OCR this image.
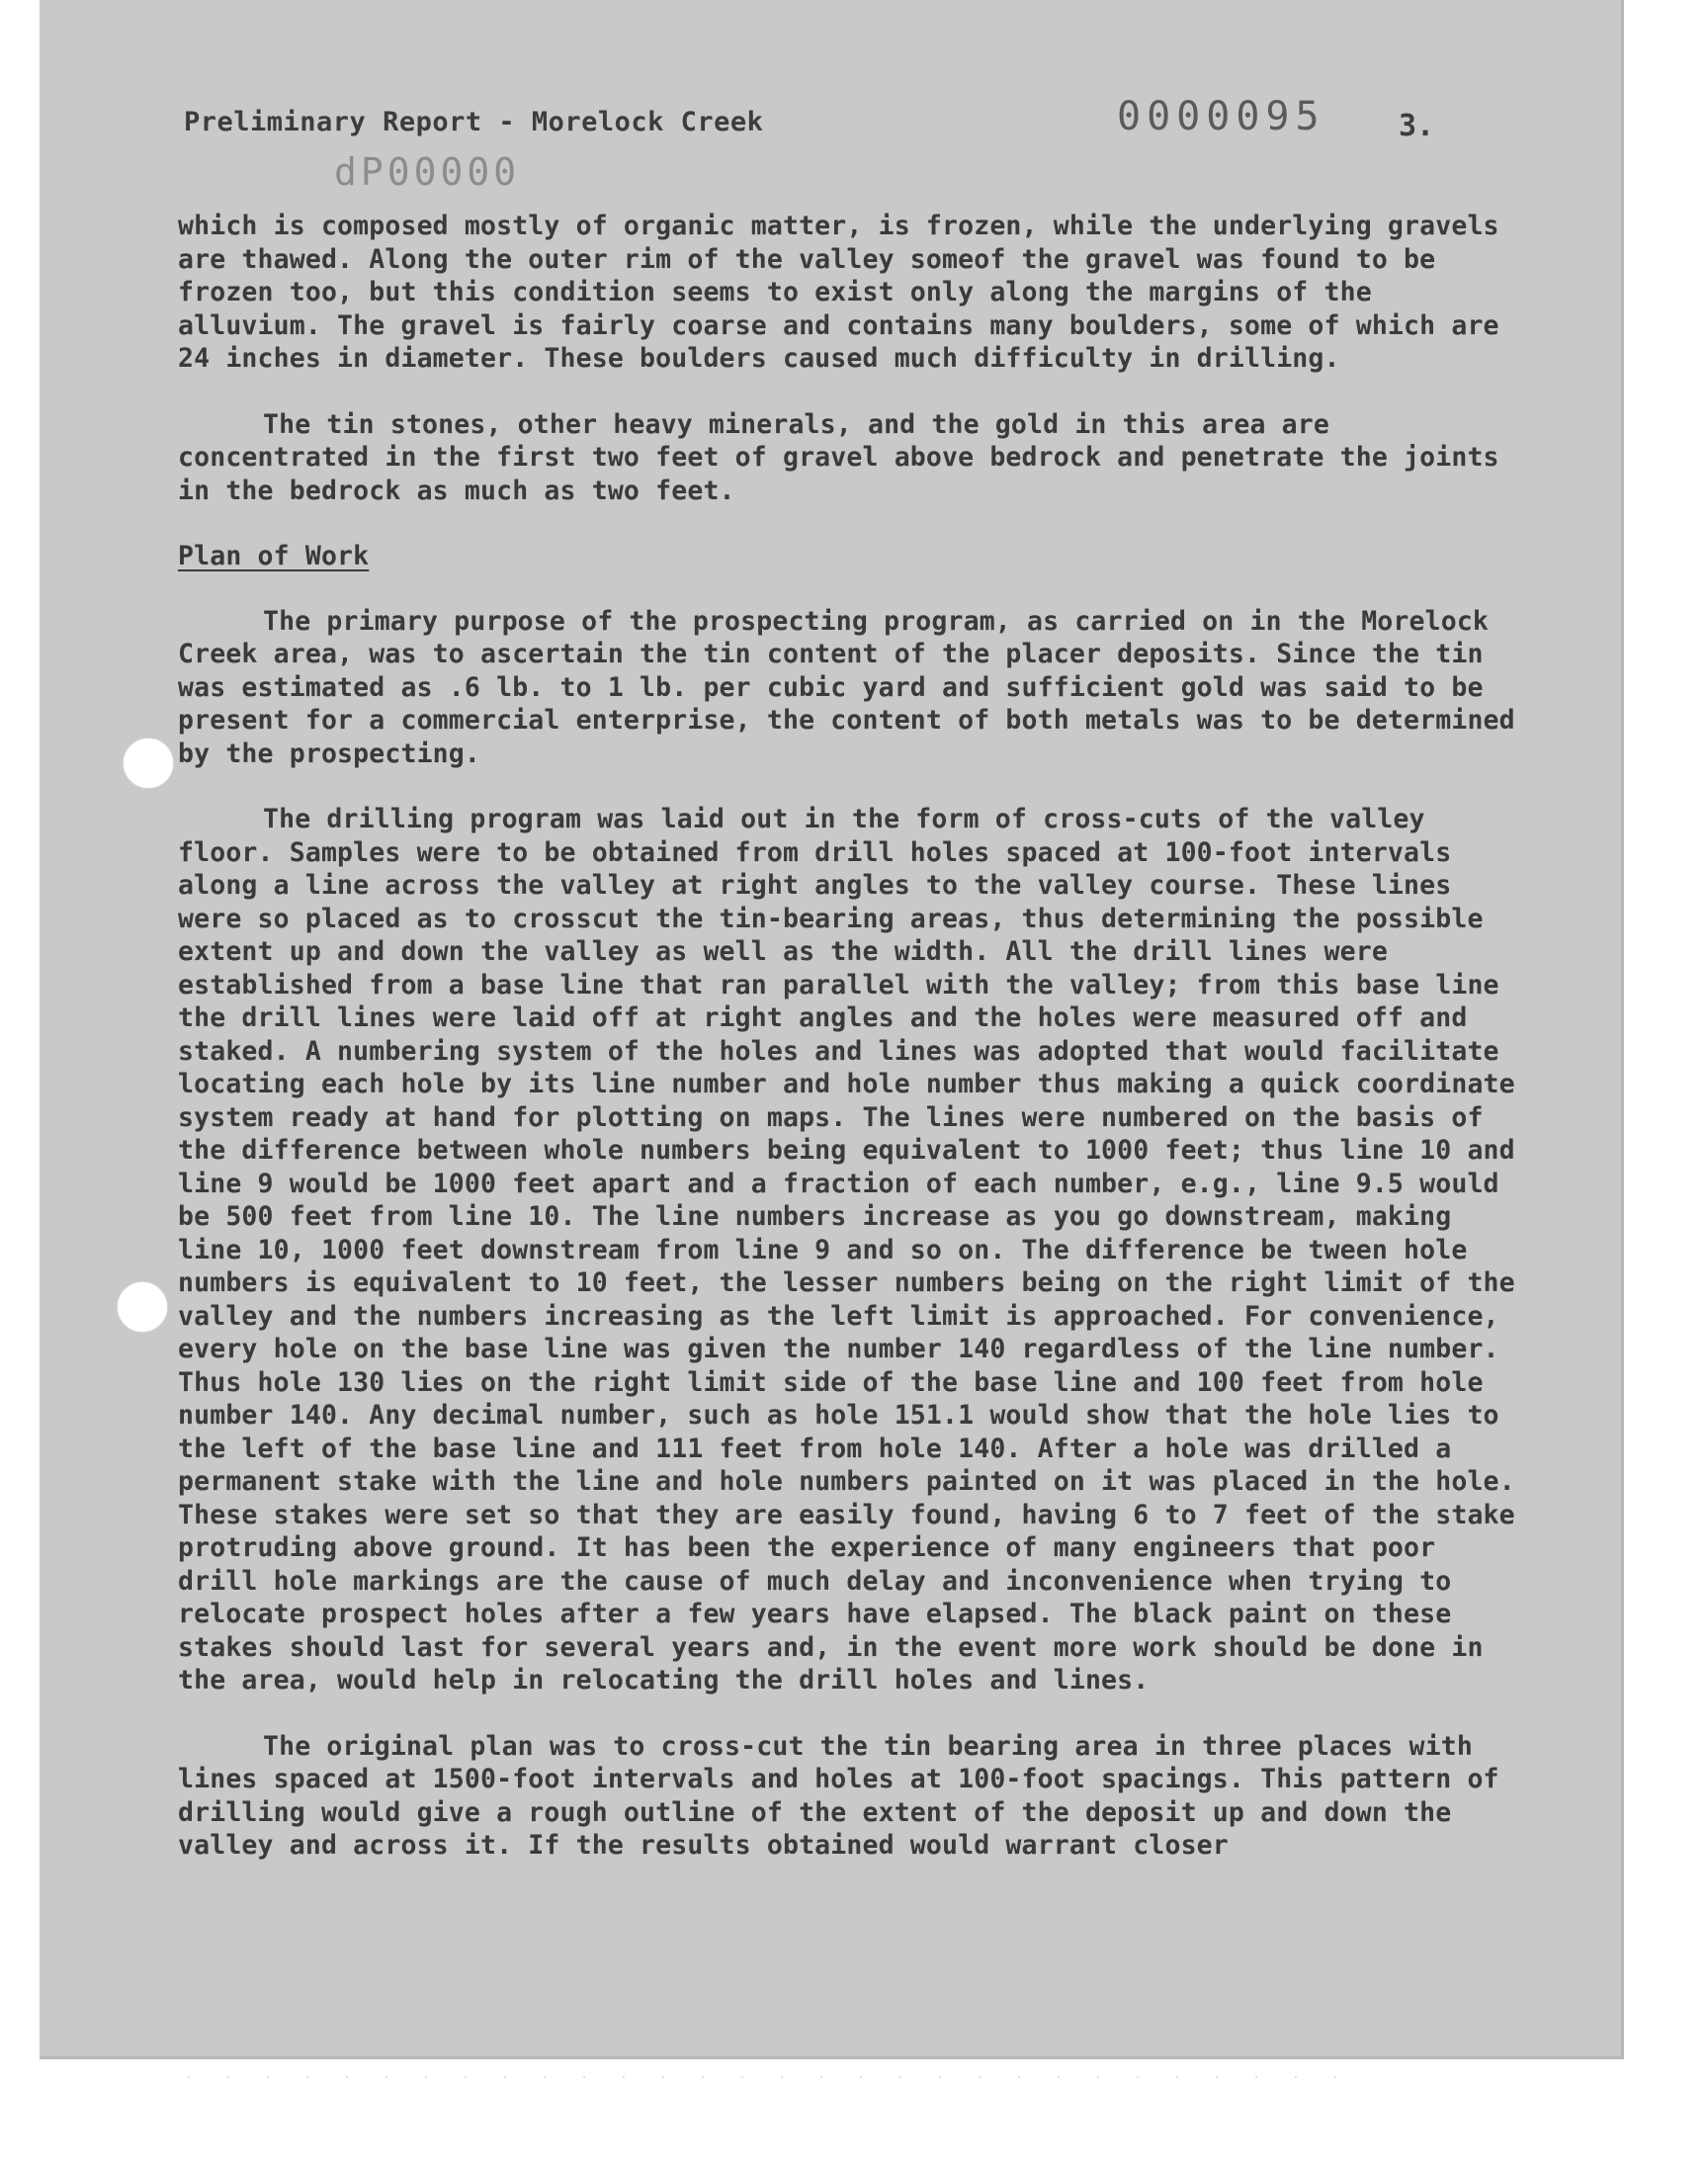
Preliminary Report - Morelock Creek	0000095 3.
dP00000

which is composed mostly of organic matter, is frozen, while the underlying gravels are thawed. Along the outer rim of the valley someof the gravel was found to be frozen too, but this condition seems to exist only along the margins of the alluvium. The gravel is fairly coarse and contains many boulders, some of which are 24 inches in diameter. These boulders caused much difficulty in drilling.

The tin stones, other heavy minerals, and the gold in this area are concentrated in the first two feet of gravel above bedrock and penetrate the joints in the bedrock as much as two feet.

Plan of Work

The primary purpose of the prospecting program, as carried on in the Morelock Creek area, was to ascertain the tin content of the placer deposits. Since the tin was estimated as .6 lb. to 1 lb. per cubic yard and sufficient gold was said to be present for a commercial enterprise, the content of both metals was to be determined by the prospecting.

The drilling program was laid out in the form of cross-cuts of the valley floor. Samples were to be obtained from drill holes spaced at 100-foot intervals along a line across the valley at right angles to the valley course. These lines were so placed as to crosscut the tin-bearing areas, thus determining the possible extent up and down the valley as well as the width. All the drill lines were established from a base line that ran parallel with the valley; from this base line the drill lines were laid off at right angles and the holes were measured off and staked. A numbering system of the holes and lines was adopted that would facilitate locating each hole by its line number and hole number thus making a quick coordinate system ready at hand for plotting on maps. The lines were numbered on the basis of the difference between whole numbers being equivalent to 1000 feet; thus line 10 and line 9 would be 1000 feet apart and a fraction of each number, e.g., line 9.5 would be 500 feet from line 10. The line numbers increase as you go downstream, making line 10, 1000 feet downstream from line 9 and so on. The difference be tween hole numbers is equivalent to 10 feet, the lesser numbers being on the right limit of the valley and the numbers increasing as the left limit is approached. For convenience, every hole on the base line was given the number 140 regardless of the line number. Thus hole 130 lies on the right limit side of the base line and 100 feet from hole number 140. Any decimal number, such as hole 151.1 would show that the hole lies to the left of the base line and 111 feet from hole 140. After a hole was drilled a permanent stake with the line and hole numbers painted on it was placed in the hole. These stakes were set so that they are easily found, having 6 to 7 feet of the stake protruding above ground. It has been the experience of many engineers that poor drill hole markings are the cause of much delay and inconvenience when trying to relocate prospect holes after a few years have elapsed. The black paint on these stakes should last for several years and, in the event more work should be done in the area, would help in relocating the drill holes and lines.

The original plan was to cross-cut the tin bearing area in three places with lines spaced at 1500-foot intervals and holes at 100-foot spacings. This pattern of drilling would give a rough outline of the extent of the deposit up and down the valley and across it. If the results obtained would warrant closer
